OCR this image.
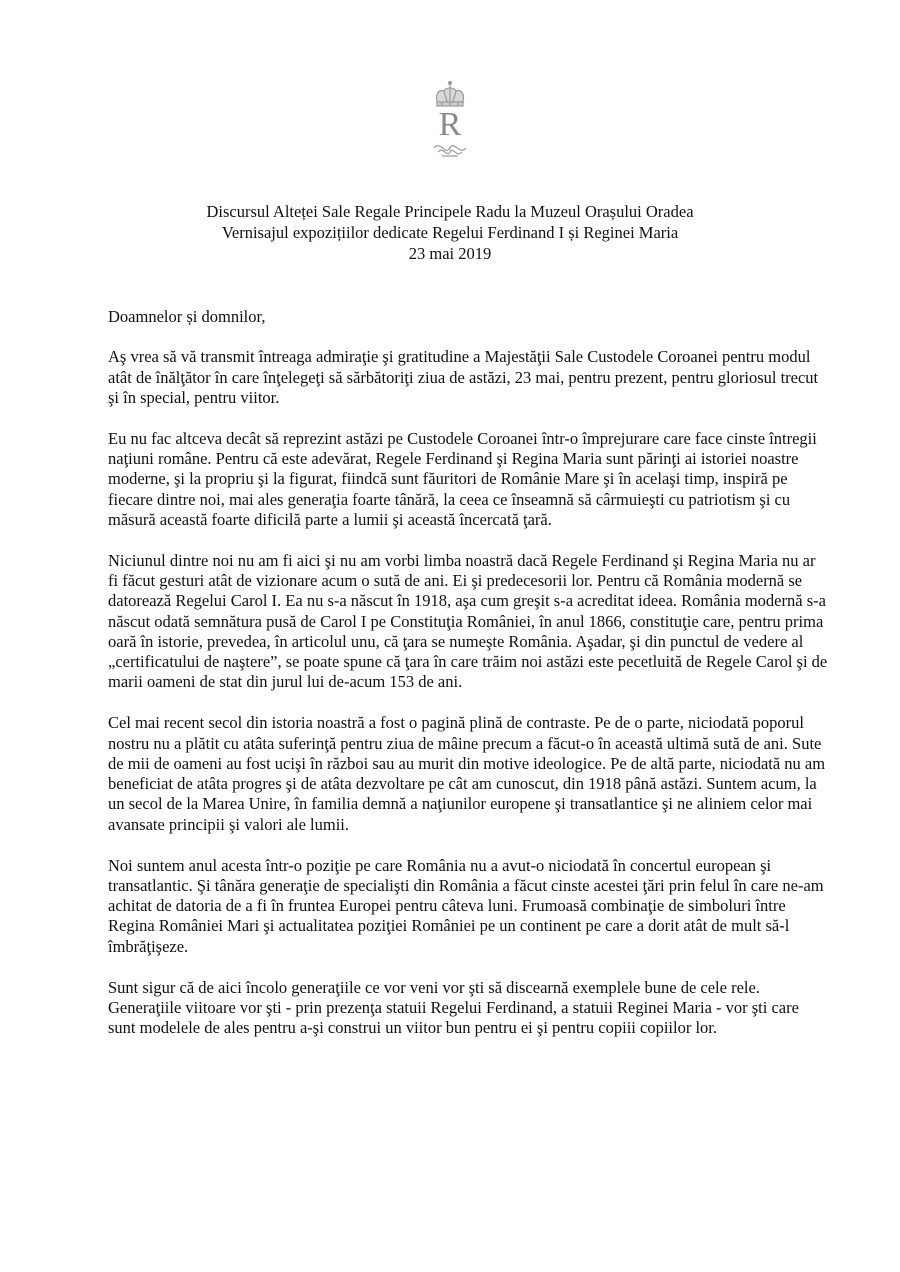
R
Discursul Alteței Sale Regale Principele Radu la Muzeul Orașului Oradea
Vernisajul expozițiilor dedicate Regelui Ferdinand I și Reginei Maria
23 mai 2019

Doamnelor și domnilor,

Aş vrea să vă transmit întreaga admiraţie şi gratitudine a Majestăţii Sale Custodele Coroanei pentru modul atât de înălţător în care înţelegeţi să sărbătoriţi ziua de astăzi, 23 mai, pentru prezent, pentru gloriosul trecut şi în special, pentru viitor.

Eu nu fac altceva decât să reprezint astăzi pe Custodele Coroanei într-o împrejurare care face cinste întregii naţiuni române. Pentru că este adevărat, Regele Ferdinand şi Regina Maria sunt părinţi ai istoriei noastre moderne, şi la propriu şi la figurat, fiindcă sunt făuritori de Românie Mare şi în acelaşi timp, inspiră pe fiecare dintre noi, mai ales generaţia foarte tânără, la ceea ce înseamnă să cârmuieşti cu patriotism şi cu măsură această foarte dificilă parte a lumii şi această încercată ţară.

Niciunul dintre noi nu am fi aici şi nu am vorbi limba noastră dacă Regele Ferdinand şi Regina Maria nu ar fi făcut gesturi atât de vizionare acum o sută de ani. Ei şi predecesorii lor. Pentru că România modernă se datorează Regelui Carol I. Ea nu s-a născut în 1918, aşa cum greşit s-a acreditat ideea. România modernă s-a născut odată semnătura pusă de Carol I pe Constituţia României, în anul 1866, constituţie care, pentru prima oară în istorie, prevedea, în articolul unu, că ţara se numeşte România. Aşadar, şi din punctul de vedere al „certificatului de naştere”, se poate spune că ţara în care trăim noi astăzi este pecetluită de Regele Carol şi de marii oameni de stat din jurul lui de-acum 153 de ani.

Cel mai recent secol din istoria noastră a fost o pagină plină de contraste. Pe de o parte, niciodată poporul nostru nu a plătit cu atâta suferinţă pentru ziua de mâine precum a făcut-o în această ultimă sută de ani. Sute de mii de oameni au fost ucişi în război sau au murit din motive ideologice. Pe de altă parte, niciodată nu am beneficiat de atâta progres şi de atâta dezvoltare pe cât am cunoscut, din 1918 până astăzi. Suntem acum, la un secol de la Marea Unire, în familia demnă a naţiunilor europene şi transatlantice şi ne aliniem celor mai avansate principii şi valori ale lumii.

Noi suntem anul acesta într-o poziţie pe care România nu a avut-o niciodată în concertul european şi transatlantic. Şi tânăra generaţie de specialişti din România a făcut cinste acestei ţări prin felul în care ne-am achitat de datoria de a fi în fruntea Europei pentru câteva luni. Frumoasă combinaţie de simboluri între Regina României Mari şi actualitatea poziţiei României pe un continent pe care a dorit atât de mult să-l îmbrăţişeze.

Sunt sigur că de aici încolo generaţiile ce vor veni vor şti să discearnă exemplele bune de cele rele. Generaţiile viitoare vor şti - prin prezenţa statuii Regelui Ferdinand, a statuii Reginei Maria - vor şti care sunt modelele de ales pentru a-şi construi un viitor bun pentru ei şi pentru copiii copiilor lor.
